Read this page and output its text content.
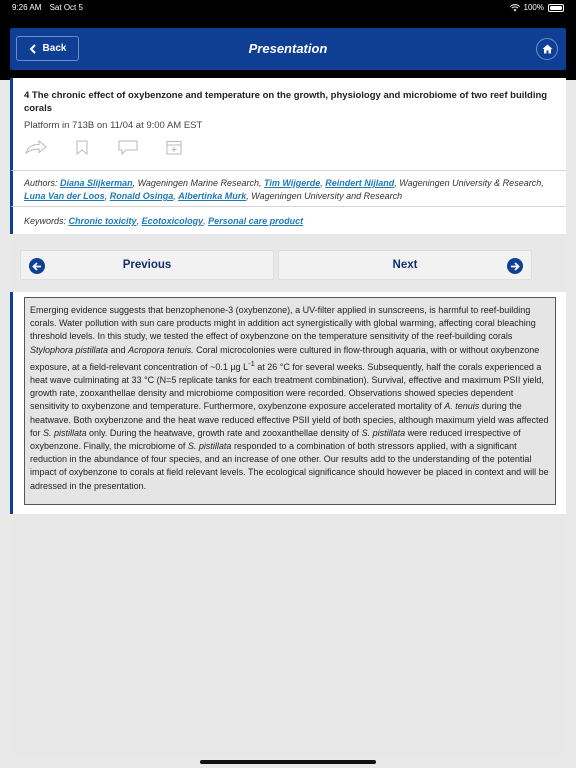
9:26 AM Sat Oct 5	100%
Back	Presentation
4 The chronic effect of oxybenzone and temperature on the growth, physiology and microbiome of two reef building corals
Platform in 713B on 11/04 at 9:00 AM EST
Authors: Diana Slijkerman, Wageningen Marine Research, Tim Wijgerde, Reindert Nijland, Wageningen University & Research, Luna Van der Loos, Ronald Osinga, Albertinka Murk, Wageningen University and Research
Keywords: Chronic toxicity, Ecotoxicology, Personal care product
Previous	Next
Emerging evidence suggests that benzophenone-3 (oxybenzone), a UV-filter applied in sunscreens, is harmful to reef-building corals. Water pollution with sun care products might in addition act synergistically with global warming, affecting coral bleaching threshold levels. In this study, we tested the effect of oxybenzone on the temperature sensitivity of the reef-building corals Stylophora pistillata and Acropora tenuis. Coral microcolonies were cultured in flow-through aquaria, with or without oxybenzone exposure, at a field-relevant concentration of ~0.1 µg $L^{-1}$ at 26 °C for several weeks. Subsequently, half the corals experienced a heat wave culminating at 33 °C (N=5 replicate tanks for each treatment combination). Survival, effective and maximum PSII yield, growth rate, zooxanthellae density and microbiome composition were recorded. Observations showed species dependent sensitivity to oxybenzone and temperature. Furthermore, oxybenzone exposure accelerated mortality of A. tenuis during the heatwave. Both oxybenzone and the heat wave reduced effective PSII yield of both species, although maximum yield was affected for S. pistillata only. During the heatwave, growth rate and zooxanthellae density of S. pistillata were reduced irrespective of oxybenzone. Finally, the microbiome of S. pistillata responded to a combination of both stressors applied, with a significant reduction in the abundance of four species, and an increase of one other. Our results add to the understanding of the potential impact of oxybenzone to corals at field relevant levels. The ecological significance should however be placed in context and will be adressed in the presentation.
